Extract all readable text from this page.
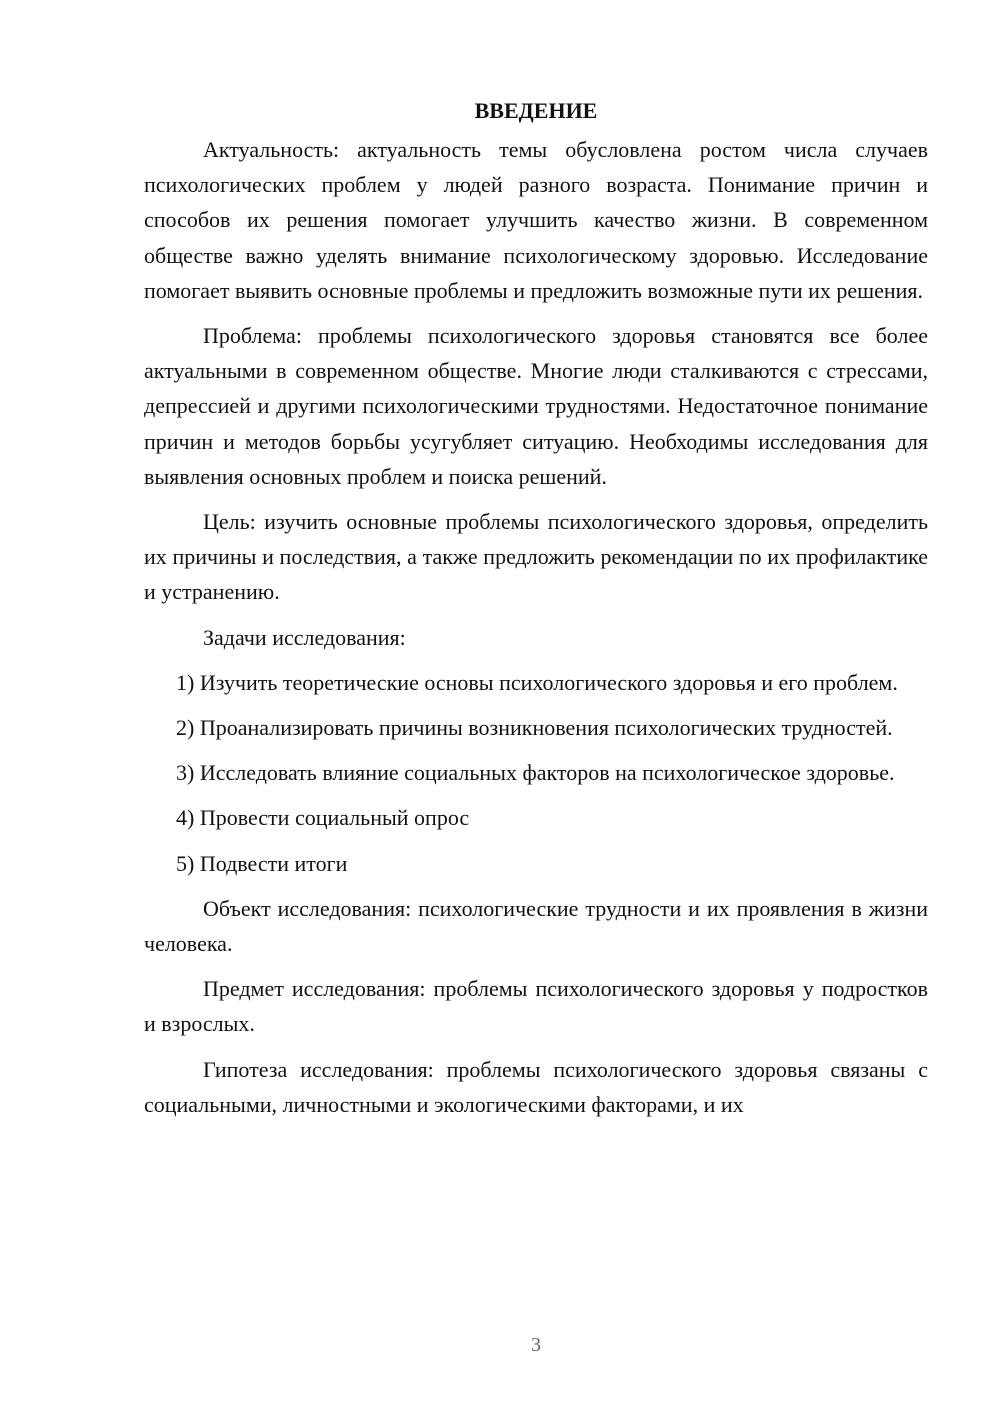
ВВЕДЕНИЕ

Актуальность: актуальность темы обусловлена ростом числа случаев психологических проблем у людей разного возраста. Понимание причин и способов их решения помогает улучшить качество жизни. В современном обществе важно уделять внимание психологическому здоровью. Исследование помогает выявить основные проблемы и предложить возможные пути их решения.

Проблема: проблемы психологического здоровья становятся все более актуальными в современном обществе. Многие люди сталкиваются с стрессами, депрессией и другими психологическими трудностями. Недостаточное понимание причин и методов борьбы усугубляет ситуацию. Необходимы исследования для выявления основных проблем и поиска решений.

Цель: изучить основные проблемы психологического здоровья, определить их причины и последствия, а также предложить рекомендации по их профилактике и устранению.

Задачи исследования:

1) Изучить теоретические основы психологического здоровья и его проблем.

2) Проанализировать причины возникновения психологических трудностей.

3) Исследовать влияние социальных факторов на психологическое здоровье.

4) Провести социальный опрос

5) Подвести итоги

Объект исследования: психологические трудности и их проявления в жизни человека.

Предмет исследования: проблемы психологического здоровья у подростков и взрослых.

Гипотеза исследования: проблемы психологического здоровья связаны с социальными, личностными и экологическими факторами, и их

3
